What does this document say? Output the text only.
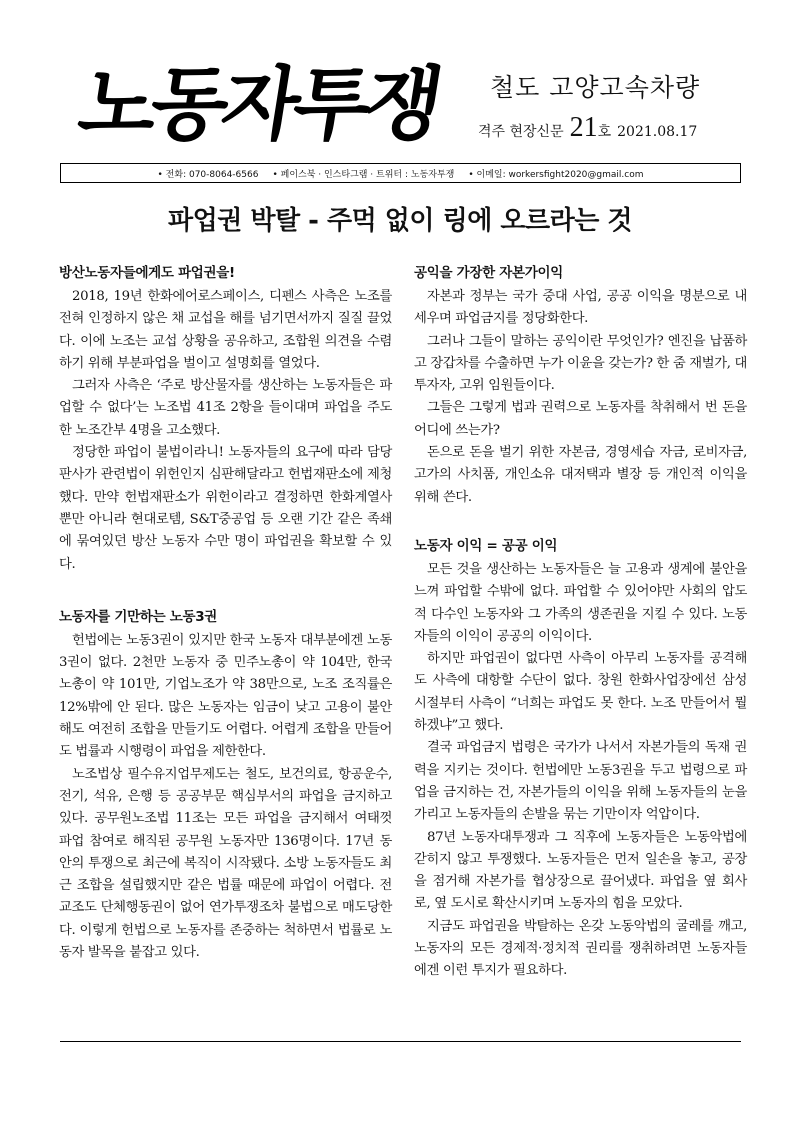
노동자투쟁	철도 고양고속차량
격주 현장신문 21 호 2021.08.17
• 전화: 070-8064-6566 • 페이스북 · 인스타그램 · 트위터 : 노동자투쟁 • 이메일: workersfight2020@gmail.com
파업권 박탈 - 주먹 없이 링에 오르라는 것
방산노동자들에게도 파업권을!

2018, 19년 한화에어로스페이스, 디펜스 사측은 노조를 전혀 인정하지 않은 채 교섭을 해를 넘기면서까지 질질 끌었다. 이에 노조는 교섭 상황을 공유하고, 조합원 의견을 수렴하기 위해 부분파업을 벌이고 설명회를 열었다.

그러자 사측은 ‘주로 방산물자를 생산하는 노동자들은 파업할 수 없다’는 노조법 41조 2항을 들이대며 파업을 주도한 노조간부 4명을 고소했다.

정당한 파업이 불법이라니! 노동자들의 요구에 따라 담당판사가 관련법이 위헌인지 심판해달라고 헌법재판소에 제청했다. 만약 헌법재판소가 위헌이라고 결정하면 한화계열사뿐만 아니라 현대로템, S&T중공업 등 오랜 기간 같은 족쇄에 묶여있던 방산 노동자 수만 명이 파업권을 확보할 수 있다.

노동자를 기만하는 노동3권

헌법에는 노동3권이 있지만 한국 노동자 대부분에겐 노동3권이 없다. 2천만 노동자 중 민주노총이 약 104만, 한국 노총이 약 101만, 기업노조가 약 38만으로, 노조 조직률은 12%밖에 안 된다. 많은 노동자는 임금이 낮고 고용이 불안해도 여전히 조합을 만들기도 어렵다. 어렵게 조합을 만들어도 법률과 시행령이 파업을 제한한다.

노조법상 필수유지업무제도는 철도, 보건의료, 항공운수, 전기, 석유, 은행 등 공공부문 핵심부서의 파업을 금지하고 있다. 공무원노조법 11조는 모든 파업을 금지해서 여태껏 파업 참여로 해직된 공무원 노동자만 136명이다. 17년 동안의 투쟁으로 최근에 복직이 시작됐다. 소방 노동자들도 최근 조합을 설립했지만 같은 법률 때문에 파업이 어렵다. 전교조도 단체행동권이 없어 연가투쟁조차 불법으로 매도당한다. 이렇게 헌법으로 노동자를 존중하는 척하면서 법률로 노동자 발목을 붙잡고 있다.

공익을 가장한 자본가이익

자본과 정부는 국가 중대 사업, 공공 이익을 명분으로 내세우며 파업금지를 정당화한다.

그러나 그들이 말하는 공익이란 무엇인가? 엔진을 납품하고 장갑차를 수출하면 누가 이윤을 갖는가? 한 줌 재벌가, 대투자자, 고위 임원들이다.

그들은 그렇게 법과 권력으로 노동자를 착취해서 번 돈을 어디에 쓰는가?

돈으로 돈을 벌기 위한 자본금, 경영세습 자금, 로비자금, 고가의 사치품, 개인소유 대저택과 별장 등 개인적 이익을 위해 쓴다.

노동자 이익 = 공공 이익

모든 것을 생산하는 노동자들은 늘 고용과 생계에 불안을 느껴 파업할 수밖에 없다. 파업할 수 있어야만 사회의 압도적 다수인 노동자와 그 가족의 생존권을 지킬 수 있다. 노동자들의 이익이 공공의 이익이다.

하지만 파업권이 없다면 사측이 아무리 노동자를 공격해도 사측에 대항할 수단이 없다. 창원 한화사업장에선 삼성 시절부터 사측이 “너희는 파업도 못 한다. 노조 만들어서 뭘 하겠냐”고 했다.

결국 파업금지 법령은 국가가 나서서 자본가들의 독재 권력을 지키는 것이다. 헌법에만 노동3권을 두고 법령으로 파업을 금지하는 건, 자본가들의 이익을 위해 노동자들의 눈을 가리고 노동자들의 손발을 묶는 기만이자 억압이다.

87년 노동자대투쟁과 그 직후에 노동자들은 노동악법에 갇히지 않고 투쟁했다. 노동자들은 먼저 일손을 놓고, 공장을 점거해 자본가를 협상장으로 끌어냈다. 파업을 옆 회사로, 옆 도시로 확산시키며 노동자의 힘을 모았다.

지금도 파업권을 박탈하는 온갖 노동악법의 굴레를 깨고, 노동자의 모든 경제적·정치적 권리를 쟁취하려면 노동자들에겐 이런 투지가 필요하다.
